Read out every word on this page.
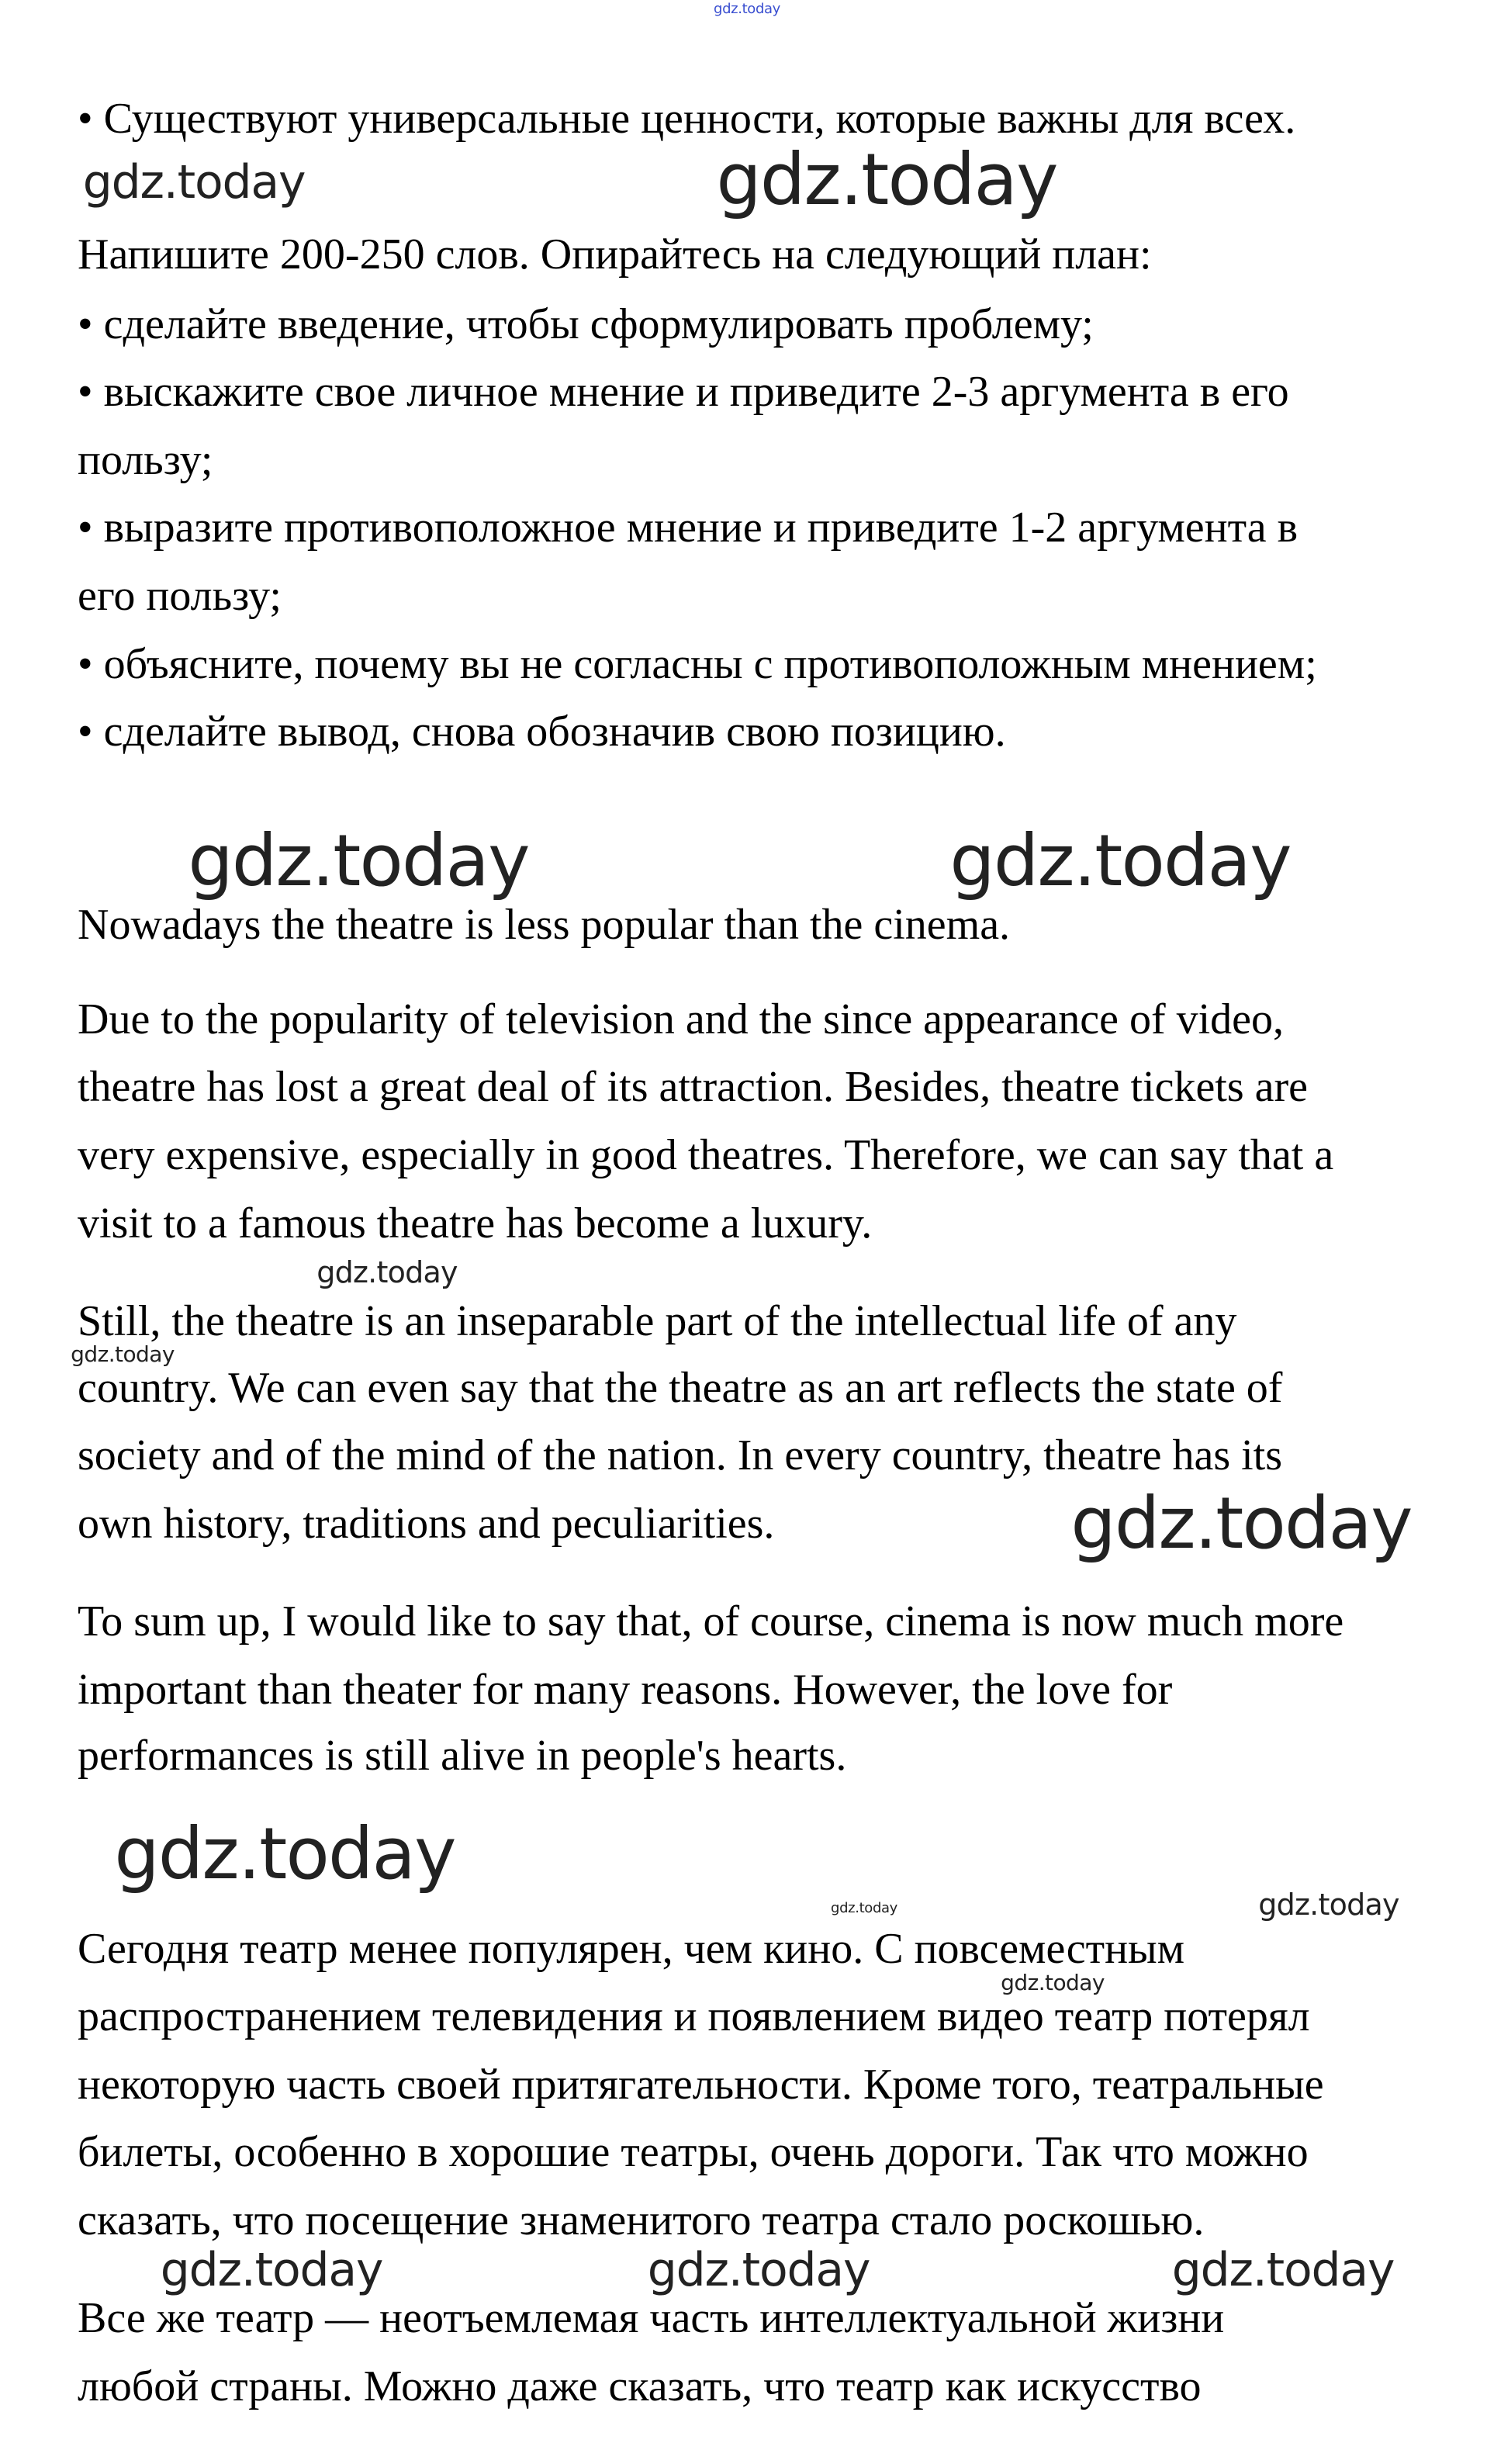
• Существуют универсальные ценности, которые важны для всех.
Напишите 200-250 слов. Опирайтесь на следующий план:
• сделайте введение, чтобы сформулировать проблему;
• выскажите свое личное мнение и приведите 2-3 аргумента в его
пользу;
• выразите противоположное мнение и приведите 1-2 аргумента в
его пользу;
• объясните, почему вы не согласны с противоположным мнением;
• сделайте вывод, снова обозначив свою позицию.
Nowadays the theatre is less popular than the cinema.
Due to the popularity of television and the since appearance of video,
theatre has lost a great deal of its attraction. Besides, theatre tickets are
very expensive, especially in good theatres. Therefore, we can say that a
visit to a famous theatre has become a luxury.
Still, the theatre is an inseparable part of the intellectual life of any
country. We can even say that the theatre as an art reflects the state of
society and of the mind of the nation. In every country, theatre has its
own history, traditions and peculiarities.
To sum up, I would like to say that, of course, cinema is now much more
important than theater for many reasons. However, the love for
performances is still alive in people's hearts.
Сегодня театр менее популярен, чем кино. С повсеместным
распространением телевидения и появлением видео театр потерял
некоторую часть своей притягательности. Кроме того, театральные
билеты, особенно в хорошие театры, очень дороги. Так что можно
сказать, что посещение знаменитого театра стало роскошью.
Все же театр — неотъемлемая часть интеллектуальной жизни
любой страны. Можно даже сказать, что театр как искусство
gdz.today
gdz.today	gdz.today
gdz.today	gdz.today
gdz.today
gdz.today
gdz.today
gdz.today
gdz.today	gdz.today
gdz.today
gdz.today	gdz.today	gdz.today
